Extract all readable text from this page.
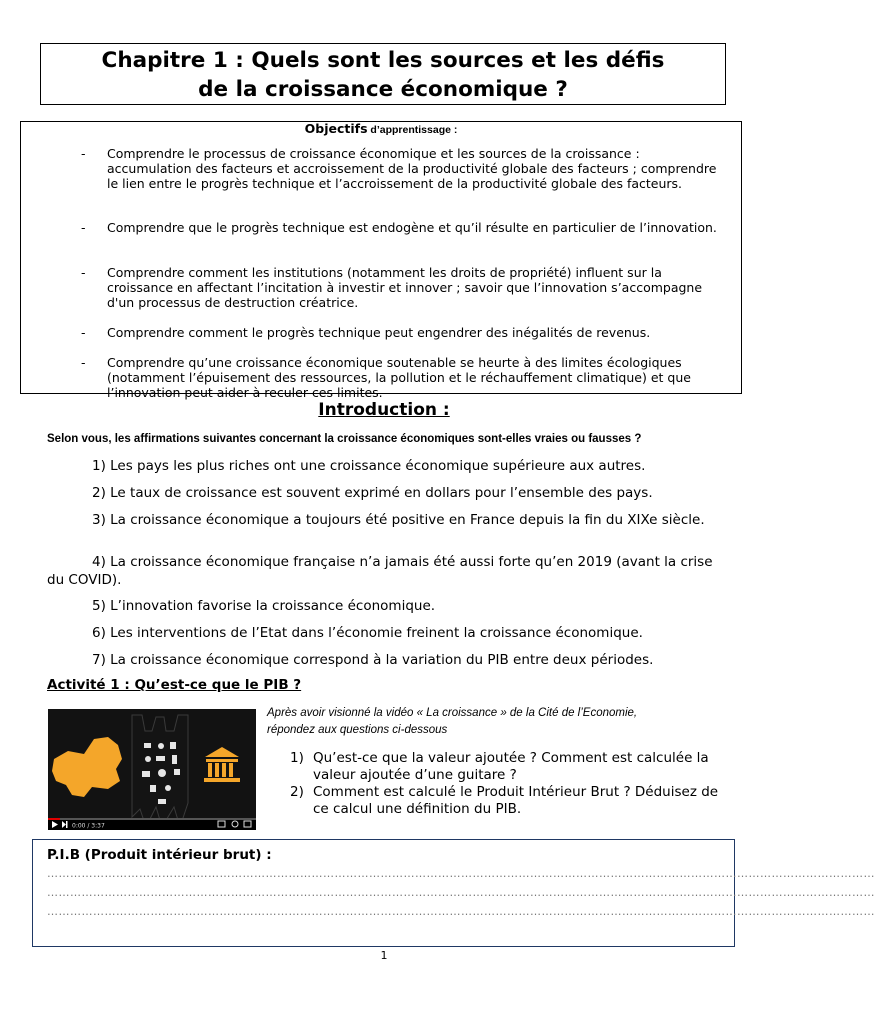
Chapitre 1 : Quels sont les sources et les défis
de la croissance économique ?
Objectifs d’apprentissage :
- Comprendre le processus de croissance économique et les sources de la croissance : accumulation des facteurs et accroissement de la productivité globale des facteurs ; comprendre le lien entre le progrès technique et l’accroissement de la productivité globale des facteurs.
- Comprendre que le progrès technique est endogène et qu’il résulte en particulier de l’innovation.
- Comprendre comment les institutions (notamment les droits de propriété) influent sur la croissance en affectant l’incitation à investir et innover ; savoir que l’innovation s’accompagne d'un processus de destruction créatrice.
- Comprendre comment le progrès technique peut engendrer des inégalités de revenus.
- Comprendre qu’une croissance économique soutenable se heurte à des limites écologiques (notamment l’épuisement des ressources, la pollution et le réchauffement climatique) et que l’innovation peut aider à reculer ces limites.
Introduction :
Selon vous, les affirmations suivantes concernant la croissance économiques sont-elles vraies ou fausses ?
1) Les pays les plus riches ont une croissance économique supérieure aux autres.
2) Le taux de croissance est souvent exprimé en dollars pour l’ensemble des pays.
3) La croissance économique a toujours été positive en France depuis la fin du XIXe siècle.
4) La croissance économique française n’a jamais été aussi forte qu’en 2019 (avant la crise du COVID).
5) L’innovation favorise la croissance économique.
6) Les interventions de l’Etat dans l’économie freinent la croissance économique.
7) La croissance économique correspond à la variation du PIB entre deux périodes.
Activité 1 : Qu’est-ce que le PIB ?
0:00 / 3:37
Après avoir visionné la vidéo « La croissance » de la Cité de l’Economie,
répondez aux questions ci-dessous
1) Qu’est-ce que la valeur ajoutée ? Comment est calculée la valeur ajoutée d’une guitare ?
2) Comment est calculé le Produit Intérieur Brut ? Déduisez de ce calcul une définition du PIB.
P.I.B (Produit intérieur brut) :
………………………………………………………………………………………………………………………………………………………………………………………………
………………………………………………………………………………………………………………………………………………………………………………………………
………………………………………………………………………………………………………………………………………………………………………………………………
1
